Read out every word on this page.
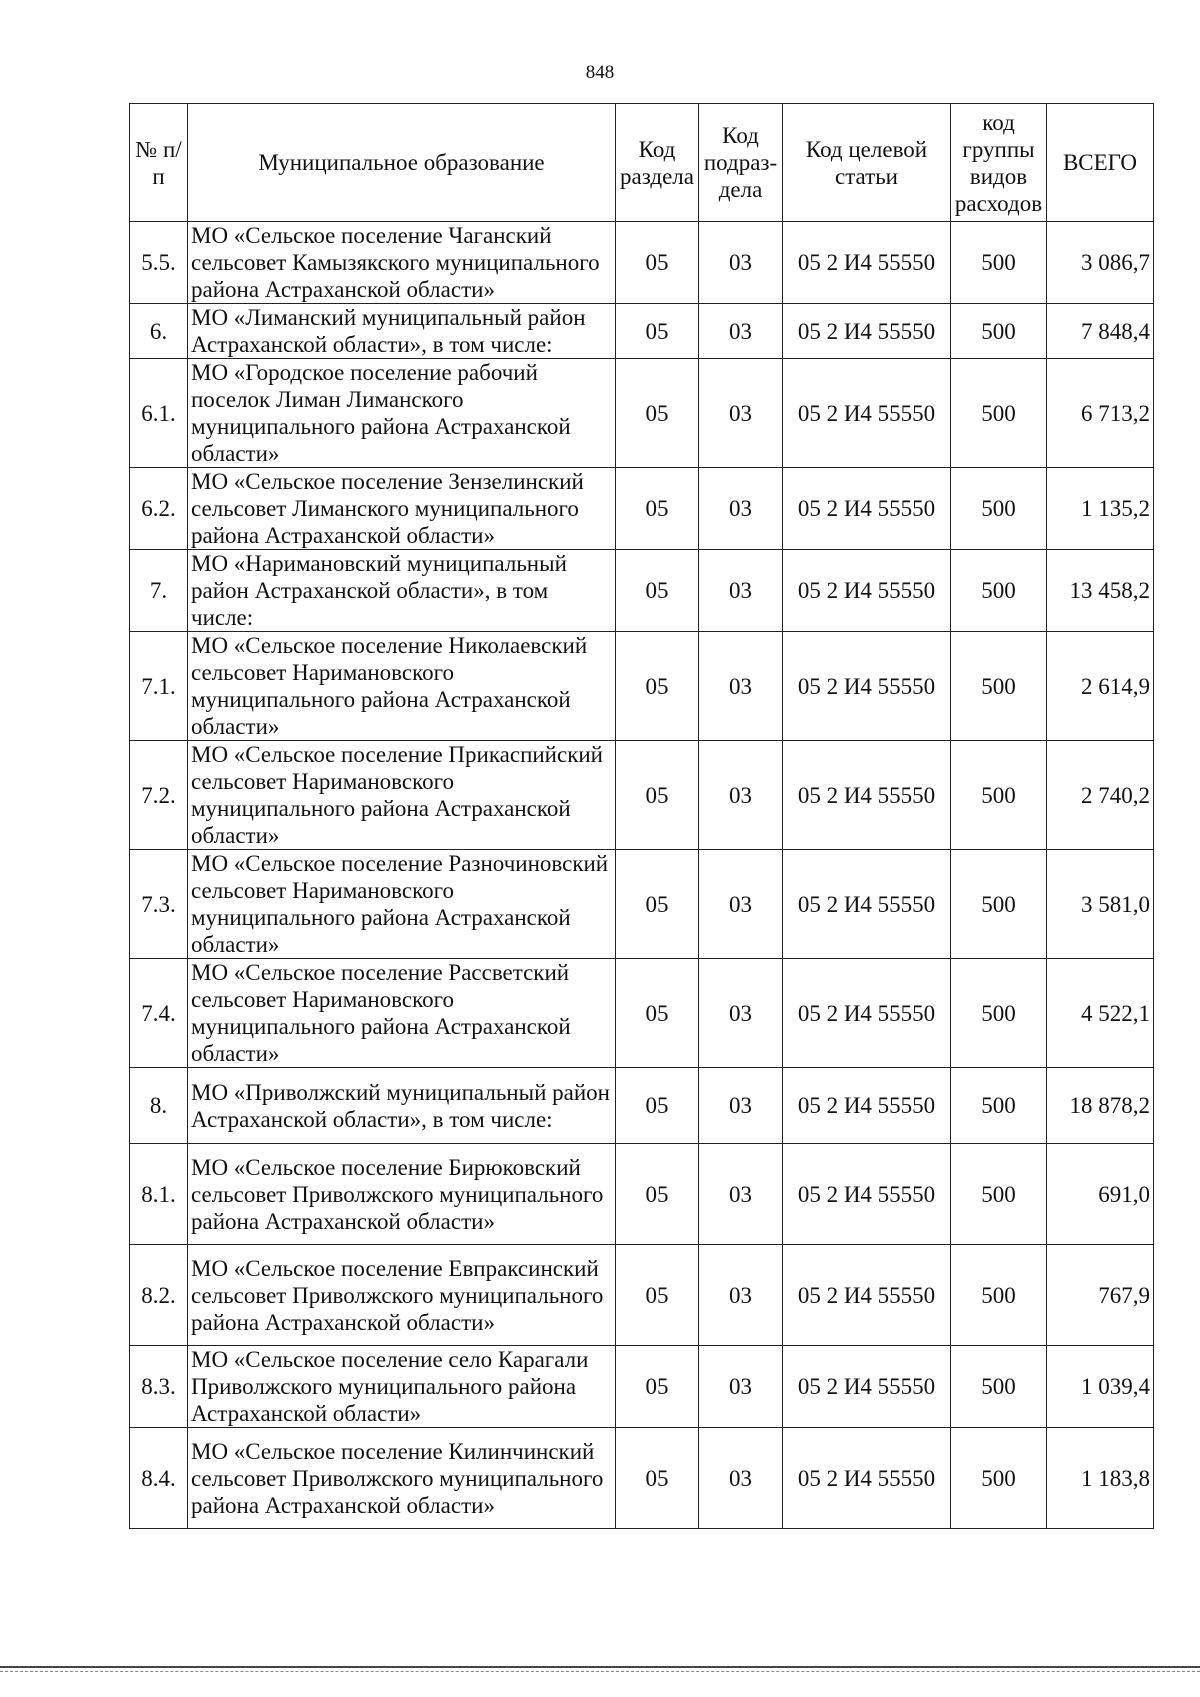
848
№ п/п	Муниципальное образование	Код раздела	Код подраз-дела	Код целевой статьи	код группы видов расходов	ВСЕГО
5.5.	МО «Сельское поселение Чаганский сельсовет Камызякского муниципального района Астраханской области»	05	03	05 2 И4 55550	500	3 086,7
6.	МО «Лиманский муниципальный район Астраханской области», в том числе:	05	03	05 2 И4 55550	500	7 848,4
6.1.	МО «Городское поселение рабочий поселок Лиман Лиманского муниципального района Астраханской области»	05	03	05 2 И4 55550	500	6 713,2
6.2.	МО «Сельское поселение Зензелинский сельсовет Лиманского муниципального района Астраханской области»	05	03	05 2 И4 55550	500	1 135,2
7.	МО «Наримановский муниципальный район Астраханской области», в том числе:	05	03	05 2 И4 55550	500	13 458,2
7.1.	МО «Сельское поселение Николаевский сельсовет Наримановского муниципального района Астраханской области»	05	03	05 2 И4 55550	500	2 614,9
7.2.	МО «Сельское поселение Прикаспийский сельсовет Наримановского муниципального района Астраханской области»	05	03	05 2 И4 55550	500	2 740,2
7.3.	МО «Сельское поселение Разночиновский сельсовет Наримановского муниципального района Астраханской области»	05	03	05 2 И4 55550	500	3 581,0
7.4.	МО «Сельское поселение Рассветский сельсовет Наримановского муниципального района Астраханской области»	05	03	05 2 И4 55550	500	4 522,1
8.	МО «Приволжский муниципальный район Астраханской области», в том числе:	05	03	05 2 И4 55550	500	18 878,2
8.1.	МО «Сельское поселение Бирюковский сельсовет Приволжского муниципального района Астраханской области»	05	03	05 2 И4 55550	500	691,0
8.2.	МО «Сельское поселение Евпраксинский сельсовет Приволжского муниципального района Астраханской области»	05	03	05 2 И4 55550	500	767,9
8.3.	МО «Сельское поселение село Карагали Приволжского муниципального района Астраханской области»	05	03	05 2 И4 55550	500	1 039,4
8.4.	МО «Сельское поселение Килинчинский сельсовет Приволжского муниципального района Астраханской области»	05	03	05 2 И4 55550	500	1 183,8
